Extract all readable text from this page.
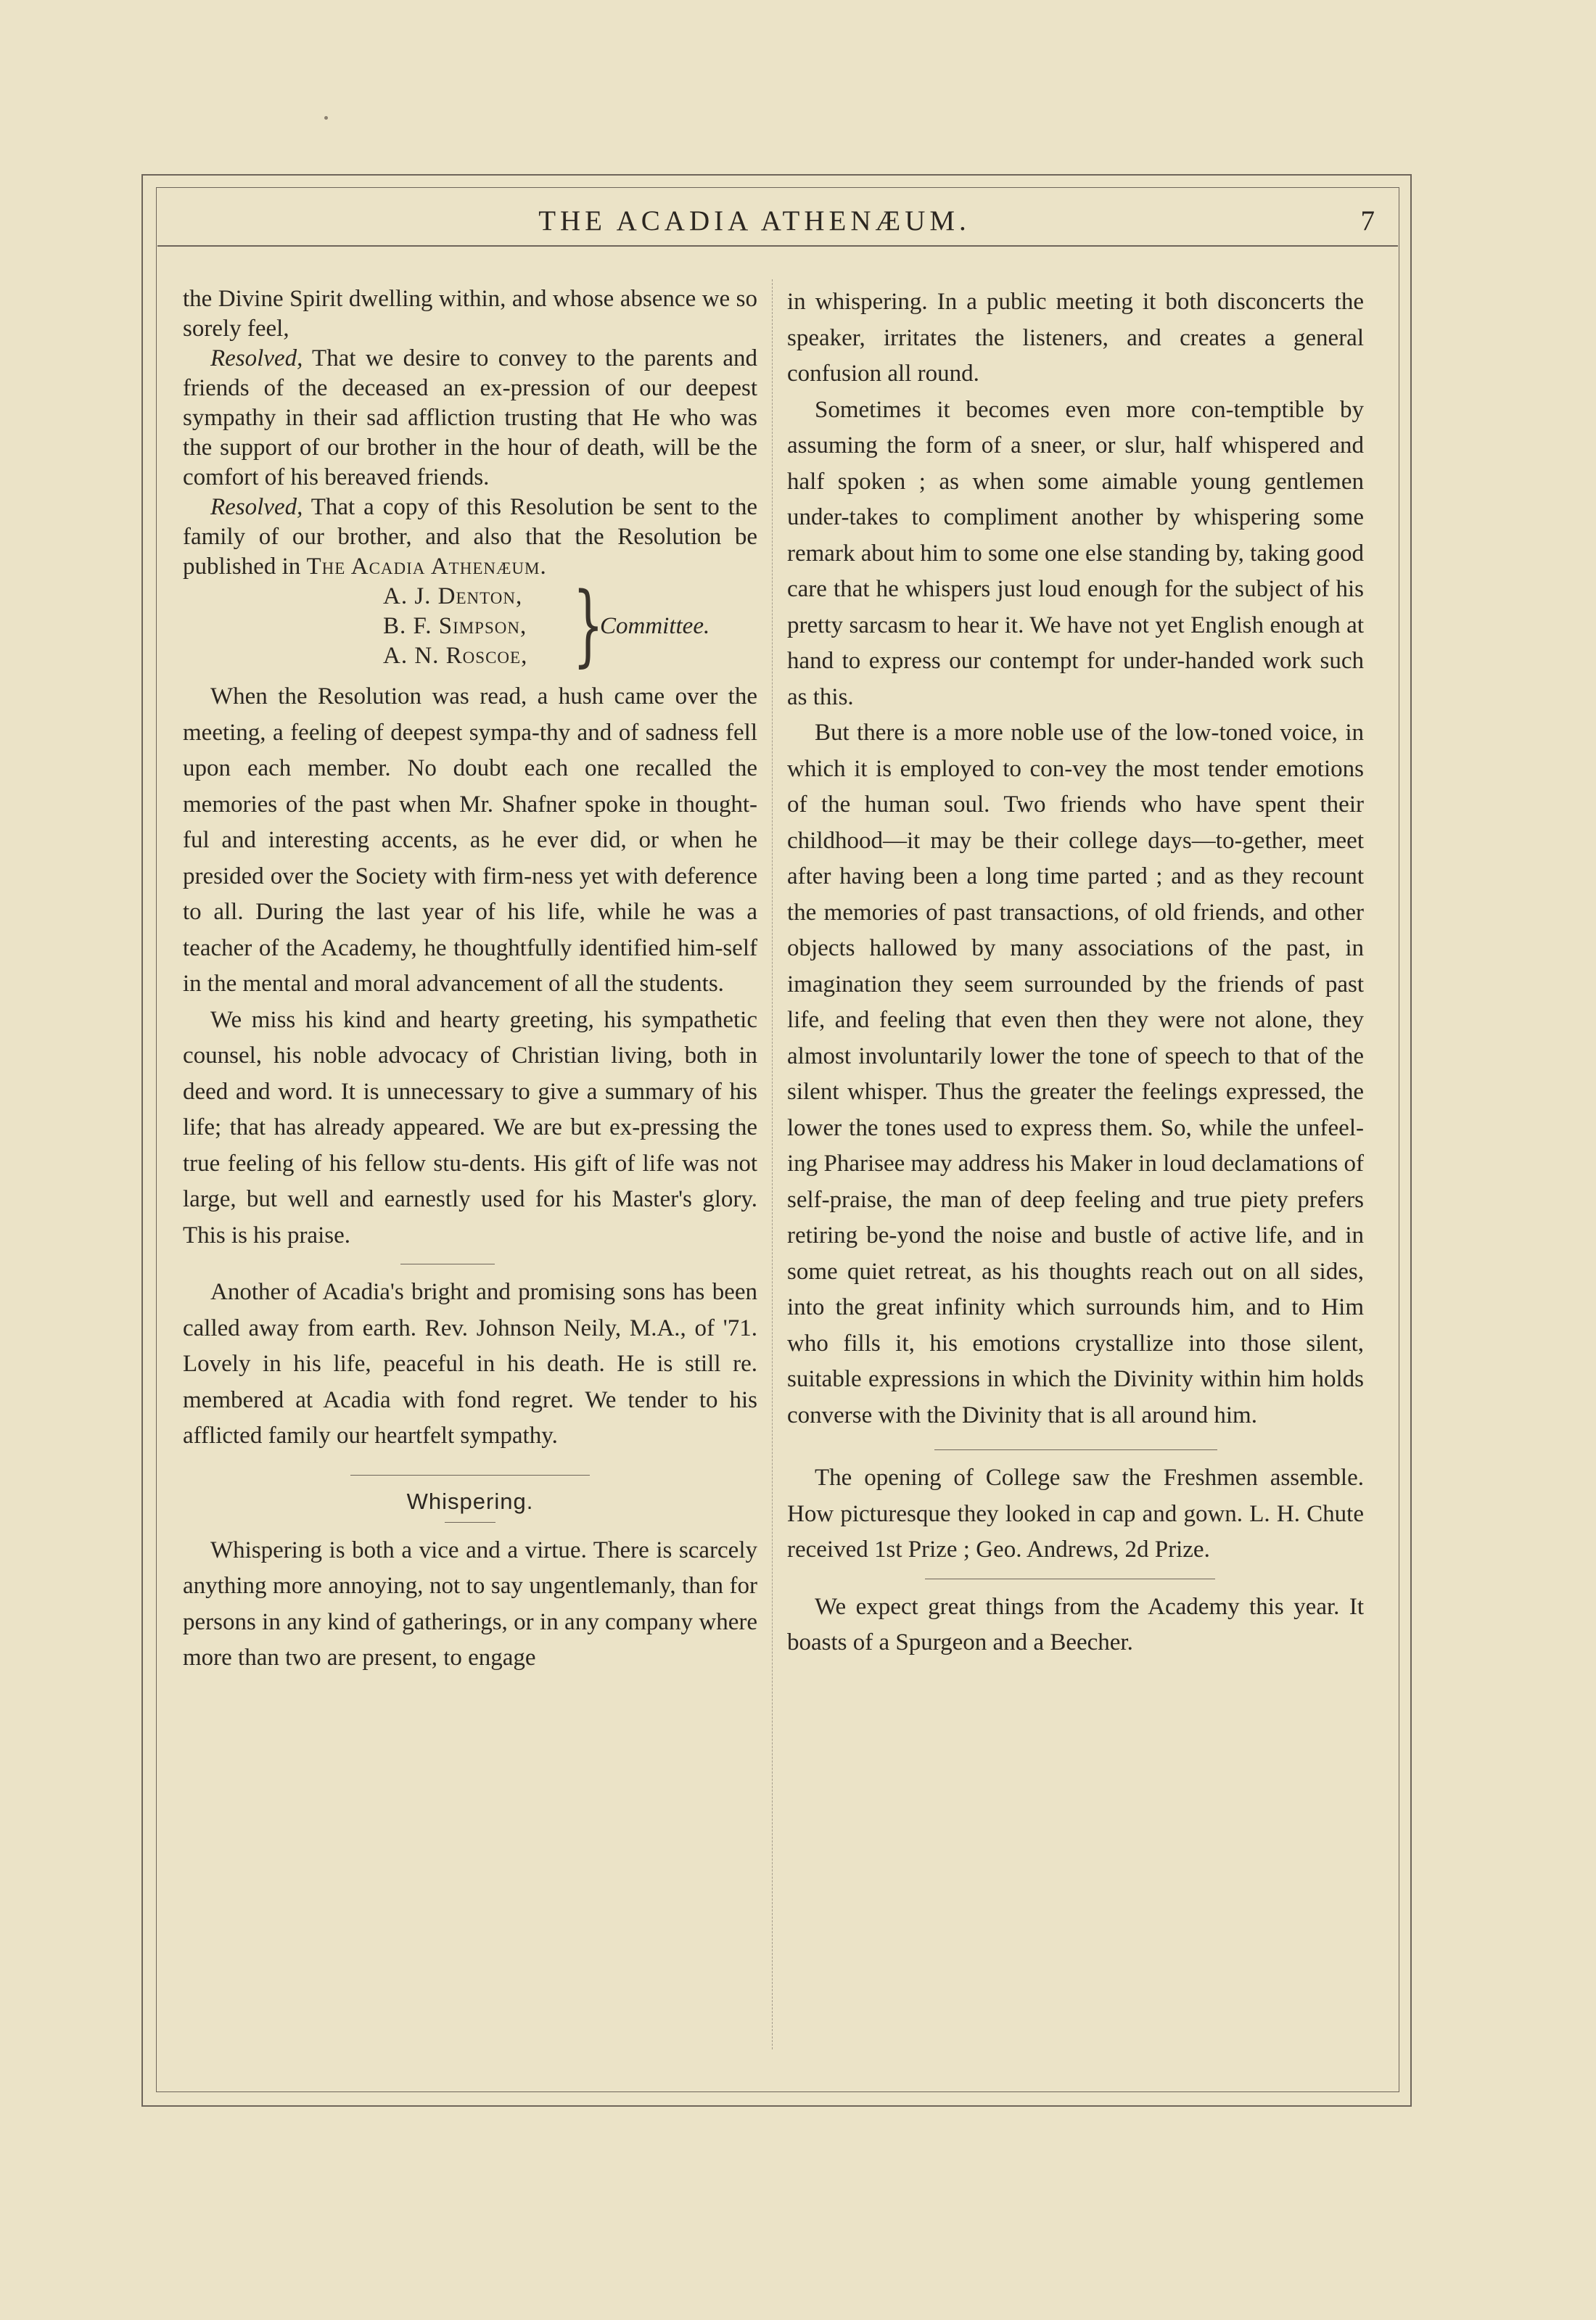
THE ACADIA ATHENÆUM.	7

the Divine Spirit dwelling within, and whose absence we so sorely feel,

Resolved, That we desire to convey to the parents and friends of the deceased an ex-pression of our deepest sympathy in their sad affliction trusting that He who was the support of our brother in the hour of death, will be the comfort of his bereaved friends.

Resolved, That a copy of this Resolution be sent to the family of our brother, and also that the Resolution be published in The Acadia Athenæum.

A. J. Denton,
B. F. Simpson,
A. N. Roscoe, }
Committee.

When the Resolution was read, a hush came over the meeting, a feeling of deepest sympa-thy and of sadness fell upon each member. No doubt each one recalled the memories of the past when Mr. Shafner spoke in thought-ful and interesting accents, as he ever did, or when he presided over the Society with firm-ness yet with deference to all. During the last year of his life, while he was a teacher of the Academy, he thoughtfully identified him-self in the mental and moral advancement of all the students.

We miss his kind and hearty greeting, his sympathetic counsel, his noble advocacy of Christian living, both in deed and word. It is unnecessary to give a summary of his life; that has already appeared. We are but ex-pressing the true feeling of his fellow stu-dents. His gift of life was not large, but well and earnestly used for his Master's glory. This is his praise.

Another of Acadia's bright and promising sons has been called away from earth. Rev. Johnson Neily, M.A., of '71. Lovely in his life, peaceful in his death. He is still re. membered at Acadia with fond regret. We tender to his afflicted family our heartfelt sympathy.

Whispering.

Whispering is both a vice and a virtue. There is scarcely anything more annoying, not to say ungentlemanly, than for persons in any kind of gatherings, or in any company where more than two are present, to engage

in whispering. In a public meeting it both disconcerts the speaker, irritates the listeners, and creates a general confusion all round.

Sometimes it becomes even more con-temptible by assuming the form of a sneer, or slur, half whispered and half spoken ; as when some aimable young gentlemen under-takes to compliment another by whispering some remark about him to some one else standing by, taking good care that he whispers just loud enough for the subject of his pretty sarcasm to hear it. We have not yet English enough at hand to express our contempt for under-handed work such as this.

But there is a more noble use of the low-toned voice, in which it is employed to con-vey the most tender emotions of the human soul. Two friends who have spent their childhood—it may be their college days—to-gether, meet after having been a long time parted ; and as they recount the memories of past transactions, of old friends, and other objects hallowed by many associations of the past, in imagination they seem surrounded by the friends of past life, and feeling that even then they were not alone, they almost involuntarily lower the tone of speech to that of the silent whisper. Thus the greater the feelings expressed, the lower the tones used to express them. So, while the unfeel-ing Pharisee may address his Maker in loud declamations of self-praise, the man of deep feeling and true piety prefers retiring be-yond the noise and bustle of active life, and in some quiet retreat, as his thoughts reach out on all sides, into the great infinity which surrounds him, and to Him who fills it, his emotions crystallize into those silent, suitable expressions in which the Divinity within him holds converse with the Divinity that is all around him.

The opening of College saw the Freshmen assemble. How picturesque they looked in cap and gown. L. H. Chute received 1st Prize ; Geo. Andrews, 2d Prize.

We expect great things from the Academy this year. It boasts of a Spurgeon and a Beecher.
